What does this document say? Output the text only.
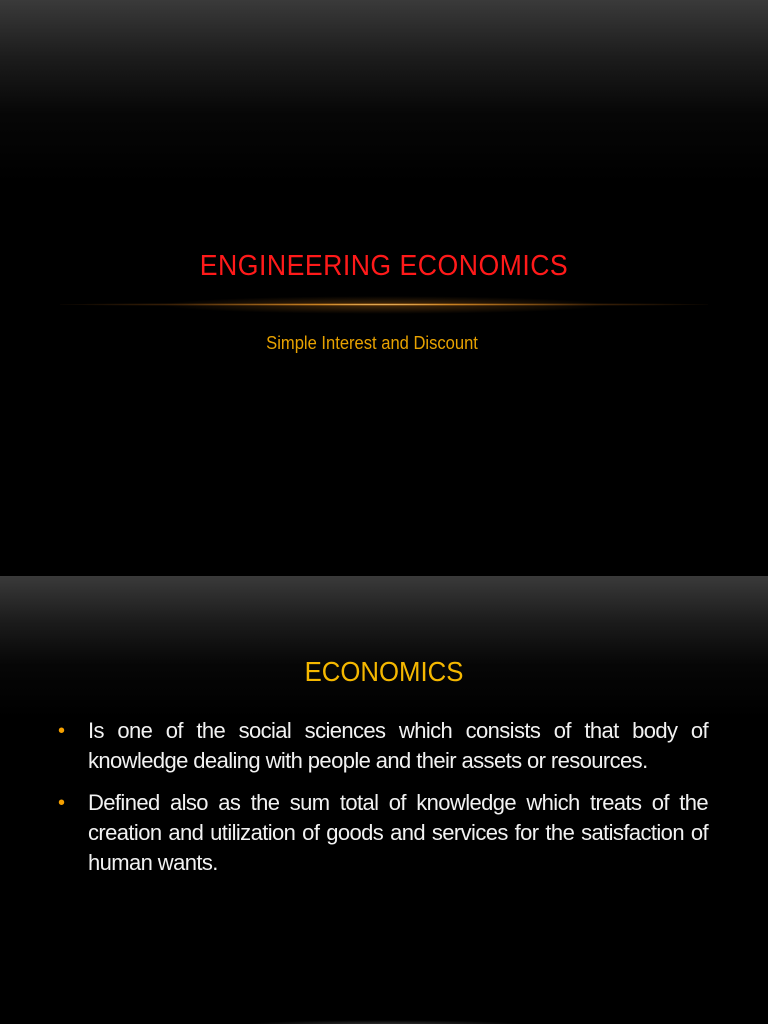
ENGINEERING ECONOMICS
Simple Interest and Discount
ECONOMICS
• Is one of the social sciences which consists of that body of knowledge dealing with people and their assets or resources.
• Defined also as the sum total of knowledge which treats of the creation and utilization of goods and services for the satisfaction of human wants.
